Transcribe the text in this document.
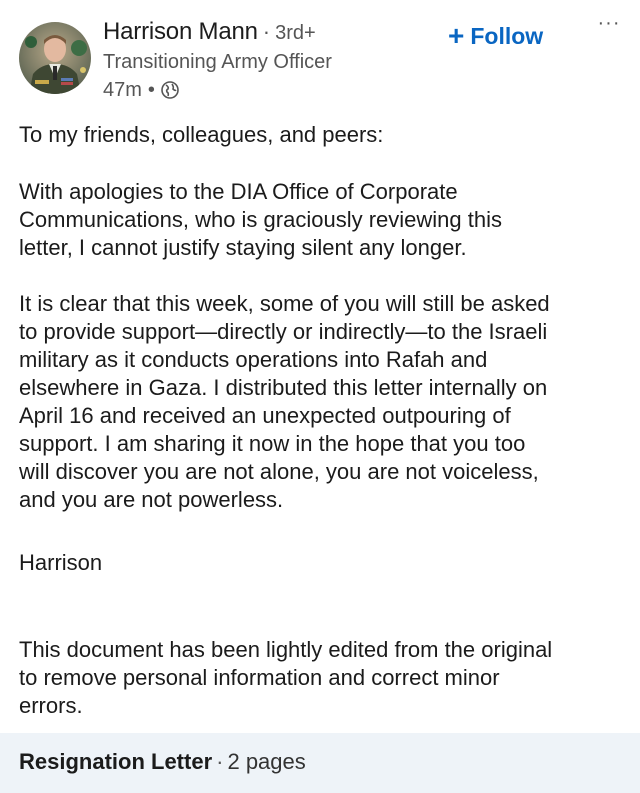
Harrison Mann · 3rd+
Transitioning Army Officer
47m •
+ Follow	···

To my friends, colleagues, and peers:

With apologies to the DIA Office of Corporate
Communications, who is graciously reviewing this
letter, I cannot justify staying silent any longer.

It is clear that this week, some of you will still be asked
to provide support—directly or indirectly—to the Israeli
military as it conducts operations into Rafah and
elsewhere in Gaza. I distributed this letter internally on
April 16 and received an unexpected outpouring of
support. I am sharing it now in the hope that you too
will discover you are not alone, you are not voiceless,
and you are not powerless.

Harrison

This document has been lightly edited from the original
to remove personal information and correct minor
errors.

Resignation Letter · 2 pages
